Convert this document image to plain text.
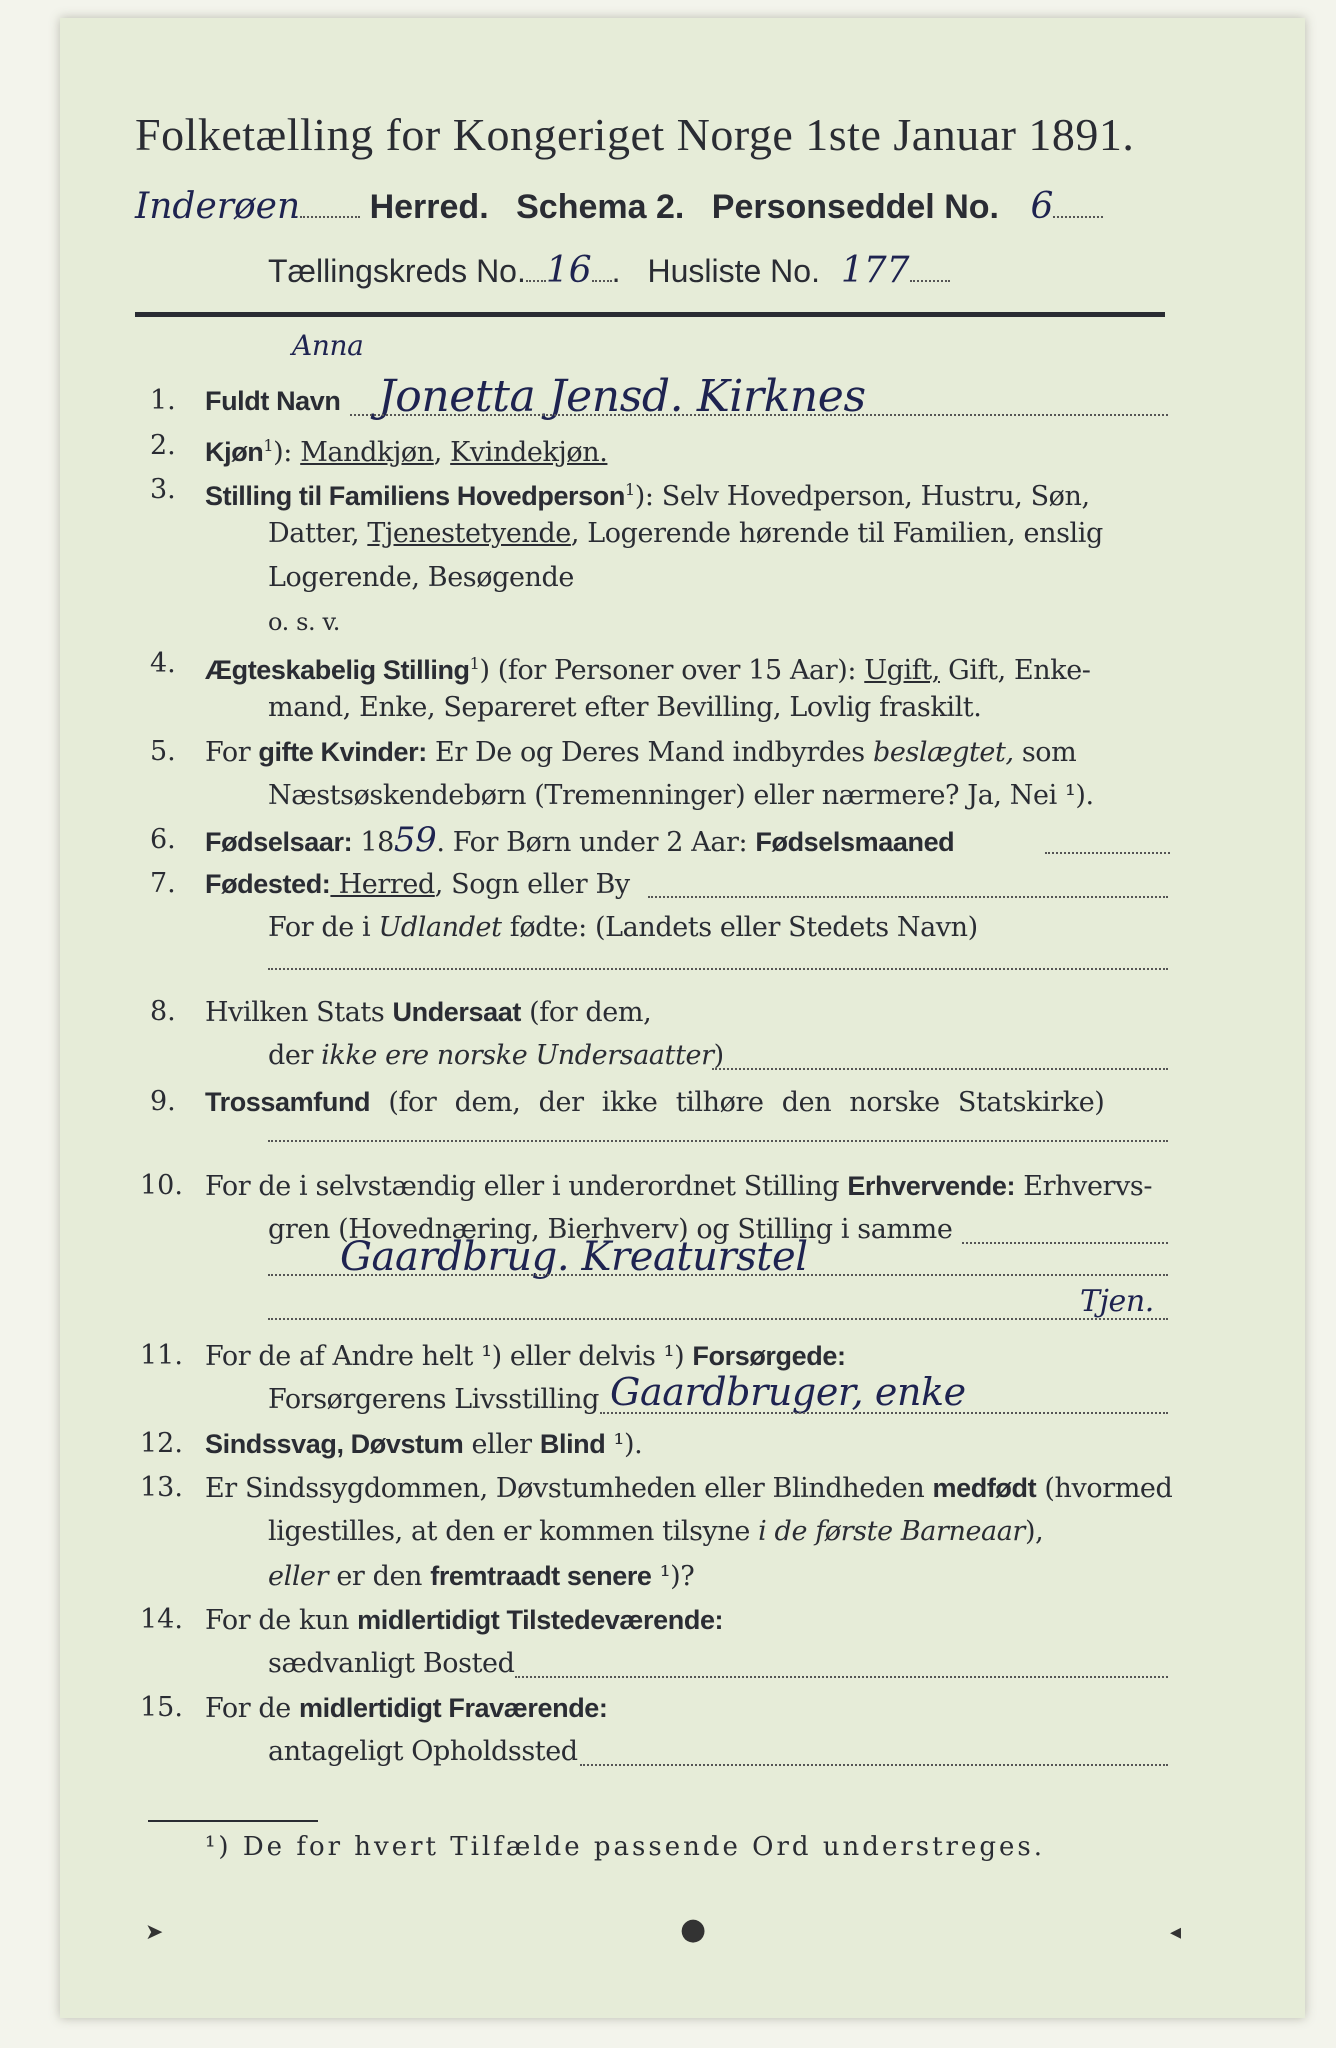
Folketælling for Kongeriget Norge 1ste Januar 1891.
Inderøen Herred. Schema 2. Personseddel No. 6
Tællingskreds No. 16 . Husliste No. 177
1. Fuldt Navn
Anna
Jonetta Jensd. Kirknes
2. Kjøn$^1$): Mandkjøn, Kvindekjøn.
3. Stilling til Familiens Hovedperson$^1$): Selv Hovedperson, Hustru, Søn,
Datter, Tjenestetyende, Logerende hørende til Familien, enslig
Logerende, Besøgende
o. s. v.
4. Ægteskabelig Stilling$^1$) (for Personer over 15 Aar): Ugift, Gift, Enke-
mand, Enke, Separeret efter Bevilling, Lovlig fraskilt.
5. For gifte Kvinder: Er De og Deres Mand indbyrdes beslægtet, som
Næstsøskendebørn (Tremenninger) eller nærmere? Ja, Nei ¹).
6. Fødselsaar: 1859. For Børn under 2 Aar: Fødselsmaaned
7. Fødested: Herred, Sogn eller By
For de i Udlandet fødte: (Landets eller Stedets Navn)
8. Hvilken Stats Undersaat (for dem,
der ikke ere norske Undersaatter)
9. Trossamfund (for dem, der ikke tilhøre den norske Statskirke)
10. For de i selvstændig eller i underordnet Stilling Erhvervende: Erhvervs-
gren (Hovednæring, Bierhverv) og Stilling i samme
Gaardbrug. Kreaturstel
Tjen.
11. For de af Andre helt ¹) eller delvis ¹) Forsørgede:
Forsørgerens Livsstilling Gaardbruger, enke
12. Sindssvag, Døvstum eller Blind ¹).
13. Er Sindssygdommen, Døvstumheden eller Blindheden medfødt (hvormed
ligestilles, at den er kommen tilsyne i de første Barneaar),
eller er den fremtraadt senere ¹)?
14. For de kun midlertidigt Tilstedeværende:
sædvanligt Bosted
15. For de midlertidigt Fraværende:
antageligt Opholdssted
¹) De for hvert Tilfælde passende Ord understreges.
➤	●	◂
